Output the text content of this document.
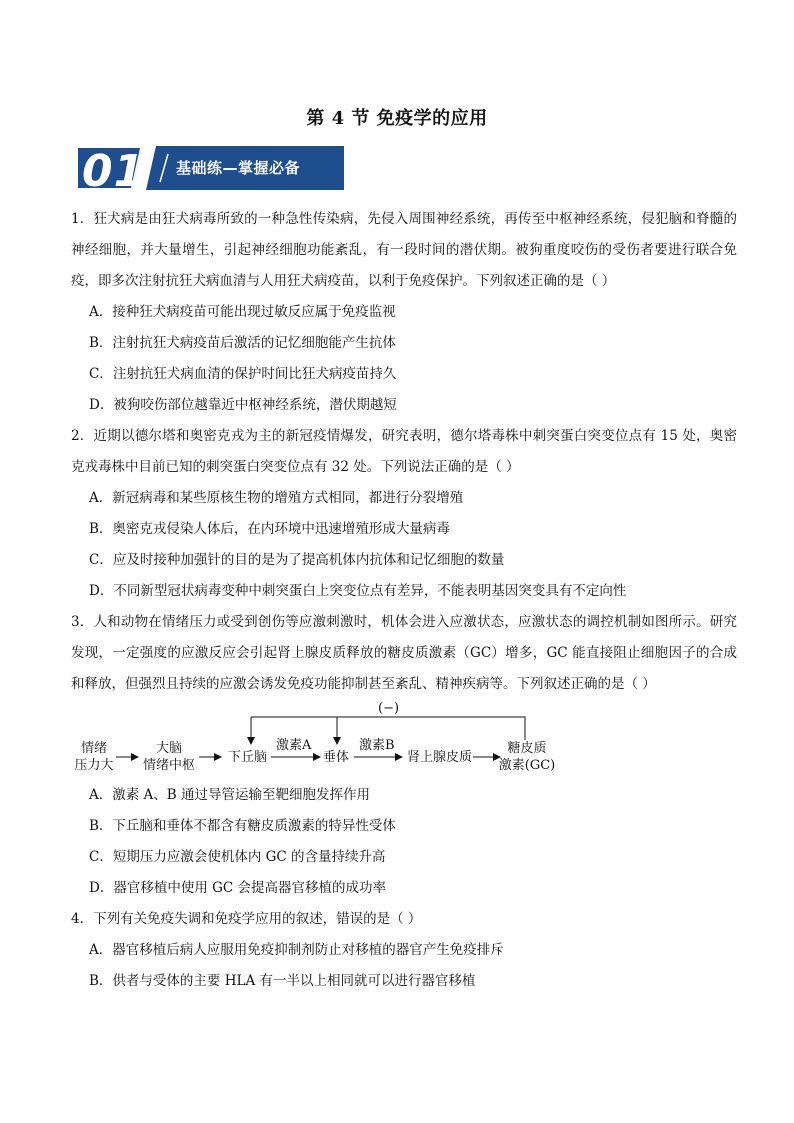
第 4 节 免疫学的应用
01 基础练—掌握必备

1．狂犬病是由狂犬病毒所致的一种急性传染病，先侵入周围神经系统，再传至中枢神经系统，侵犯脑和脊髓的神经细胞，并大量增生，引起神经细胞功能紊乱，有一段时间的潜伏期。被狗重度咬伤的受伤者要进行联合免疫，即多次注射抗狂犬病血清与人用狂犬病疫苗，以利于免疫保护。下列叙述正确的是（ ）

A．接种狂犬病疫苗可能出现过敏反应属于免疫监视

B．注射抗狂犬病疫苗后激活的记忆细胞能产生抗体

C．注射抗狂犬病血清的保护时间比狂犬病疫苗持久

D．被狗咬伤部位越靠近中枢神经系统，潜伏期越短

2．近期以德尔塔和奥密克戎为主的新冠疫情爆发，研究表明，德尔塔毒株中刺突蛋白突变位点有 15 处，奥密克戎毒株中目前已知的刺突蛋白突变位点有 32 处。下列说法正确的是（ ）

A．新冠病毒和某些原核生物的增殖方式相同，都进行分裂增殖

B．奥密克戎侵染人体后，在内环境中迅速增殖形成大量病毒

C．应及时接种加强针的目的是为了提高机体内抗体和记忆细胞的数量

D．不同新型冠状病毒变种中刺突蛋白上突变位点有差异，不能表明基因突变具有不定向性

3．人和动物在情绪压力或受到创伤等应激刺激时，机体会进入应激状态，应激状态的调控机制如图所示。研究发现，一定强度的应激反应会引起肾上腺皮质释放的糖皮质激素（GC）增多，GC 能直接阻止细胞因子的合成和释放，但强烈且持续的应激会诱发免疫功能抑制甚至紊乱、精神疾病等。下列叙述正确的是（ ）

(−)
情绪
压力大
大脑
情绪中枢
下丘脑
激素A
垂体
激素B
肾上腺皮质
糖皮质
激素(GC)

A．激素 A、B 通过导管运输至靶细胞发挥作用

B．下丘脑和垂体不都含有糖皮质激素的特异性受体

C．短期压力应激会使机体内 GC 的含量持续升高

D．器官移植中使用 GC 会提高器官移植的成功率

4．下列有关免疫失调和免疫学应用的叙述，错误的是（ ）

A．器官移植后病人应服用免疫抑制剂防止对移植的器官产生免疫排斥

B．供者与受体的主要 HLA 有一半以上相同就可以进行器官移植
